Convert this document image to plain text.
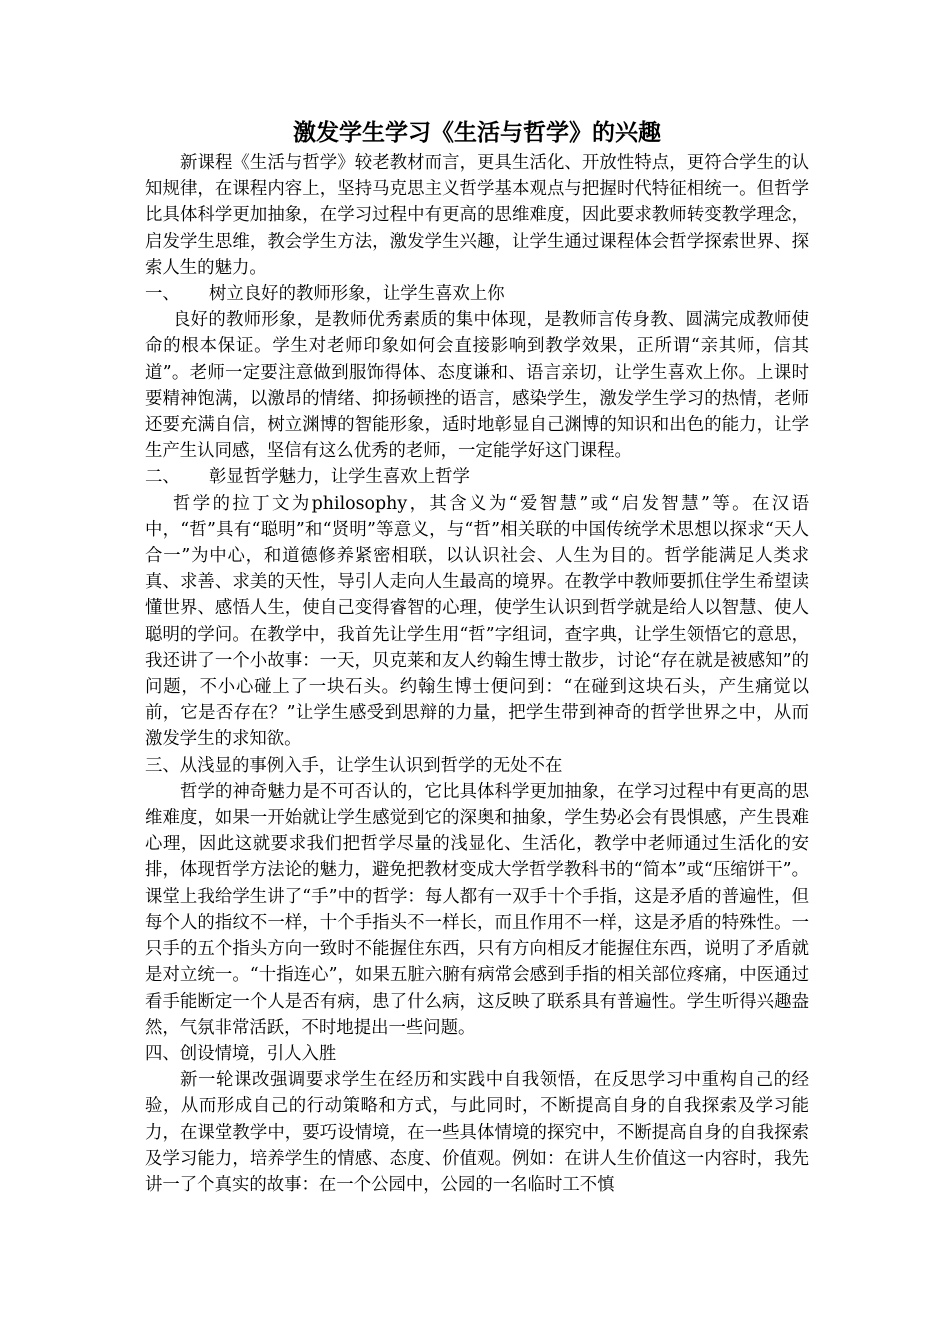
激发学生学习《生活与哲学》的兴趣

新课程《生活与哲学》较老教材而言，更具生活化、开放性特点，更符合学生的认知规律，在课程内容上，坚持马克思主义哲学基本观点与把握时代特征相统一。但哲学比具体科学更加抽象，在学习过程中有更高的思维难度，因此要求教师转变教学理念，启发学生思维，教会学生方法，激发学生兴趣，让学生通过课程体会哲学探索世界、探索人生的魅力。

一、 树立良好的教师形象，让学生喜欢上你

良好的教师形象，是教师优秀素质的集中体现，是教师言传身教、圆满完成教师使命的根本保证。学生对老师印象如何会直接影响到教学效果，正所谓“亲其师，信其道”。老师一定要注意做到服饰得体、态度谦和、语言亲切，让学生喜欢上你。上课时要精神饱满，以激昂的情绪、抑扬顿挫的语言，感染学生，激发学生学习的热情，老师还要充满自信，树立渊博的智能形象，适时地彰显自己渊博的知识和出色的能力，让学生产生认同感，坚信有这么优秀的老师，一定能学好这门课程。

二、 彰显哲学魅力，让学生喜欢上哲学

哲学的拉丁文为philosophy，其含义为“爱智慧”或“启发智慧”等。在汉语中，“哲”具有“聪明”和“贤明”等意义，与“哲”相关联的中国传统学术思想以探求“天人合一”为中心，和道德修养紧密相联，以认识社会、人生为目的。哲学能满足人类求真、求善、求美的天性，导引人走向人生最高的境界。在教学中教师要抓住学生希望读懂世界、感悟人生，使自己变得睿智的心理，使学生认识到哲学就是给人以智慧、使人聪明的学问。在教学中，我首先让学生用“哲”字组词，查字典，让学生领悟它的意思，我还讲了一个小故事：一天，贝克莱和友人约翰生博士散步，讨论“存在就是被感知”的问题，不小心碰上了一块石头。约翰生博士便问到：“在碰到这块石头，产生痛觉以前，它是否存在？”让学生感受到思辩的力量，把学生带到神奇的哲学世界之中，从而激发学生的求知欲。

三、从浅显的事例入手，让学生认识到哲学的无处不在

哲学的神奇魅力是不可否认的，它比具体科学更加抽象，在学习过程中有更高的思维难度，如果一开始就让学生感觉到它的深奥和抽象，学生势必会有畏惧感，产生畏难心理，因此这就要求我们把哲学尽量的浅显化、生活化，教学中老师通过生活化的安排，体现哲学方法论的魅力，避免把教材变成大学哲学教科书的“简本”或“压缩饼干”。课堂上我给学生讲了“手”中的哲学：每人都有一双手十个手指，这是矛盾的普遍性，但每个人的指纹不一样，十个手指头不一样长，而且作用不一样，这是矛盾的特殊性。一只手的五个指头方向一致时不能握住东西，只有方向相反才能握住东西，说明了矛盾就是对立统一。“十指连心”，如果五脏六腑有病常会感到手指的相关部位疼痛，中医通过看手能断定一个人是否有病，患了什么病，这反映了联系具有普遍性。学生听得兴趣盎然，气氛非常活跃，不时地提出一些问题。

四、创设情境，引人入胜

新一轮课改强调要求学生在经历和实践中自我领悟，在反思学习中重构自己的经验，从而形成自己的行动策略和方式，与此同时，不断提高自身的自我探索及学习能力，在课堂教学中，要巧设情境，在一些具体情境的探究中，不断提高自身的自我探索及学习能力，培养学生的情感、态度、价值观。例如：在讲人生价值这一内容时，我先讲一了个真实的故事：在一个公园中，公园的一名临时工不慎
